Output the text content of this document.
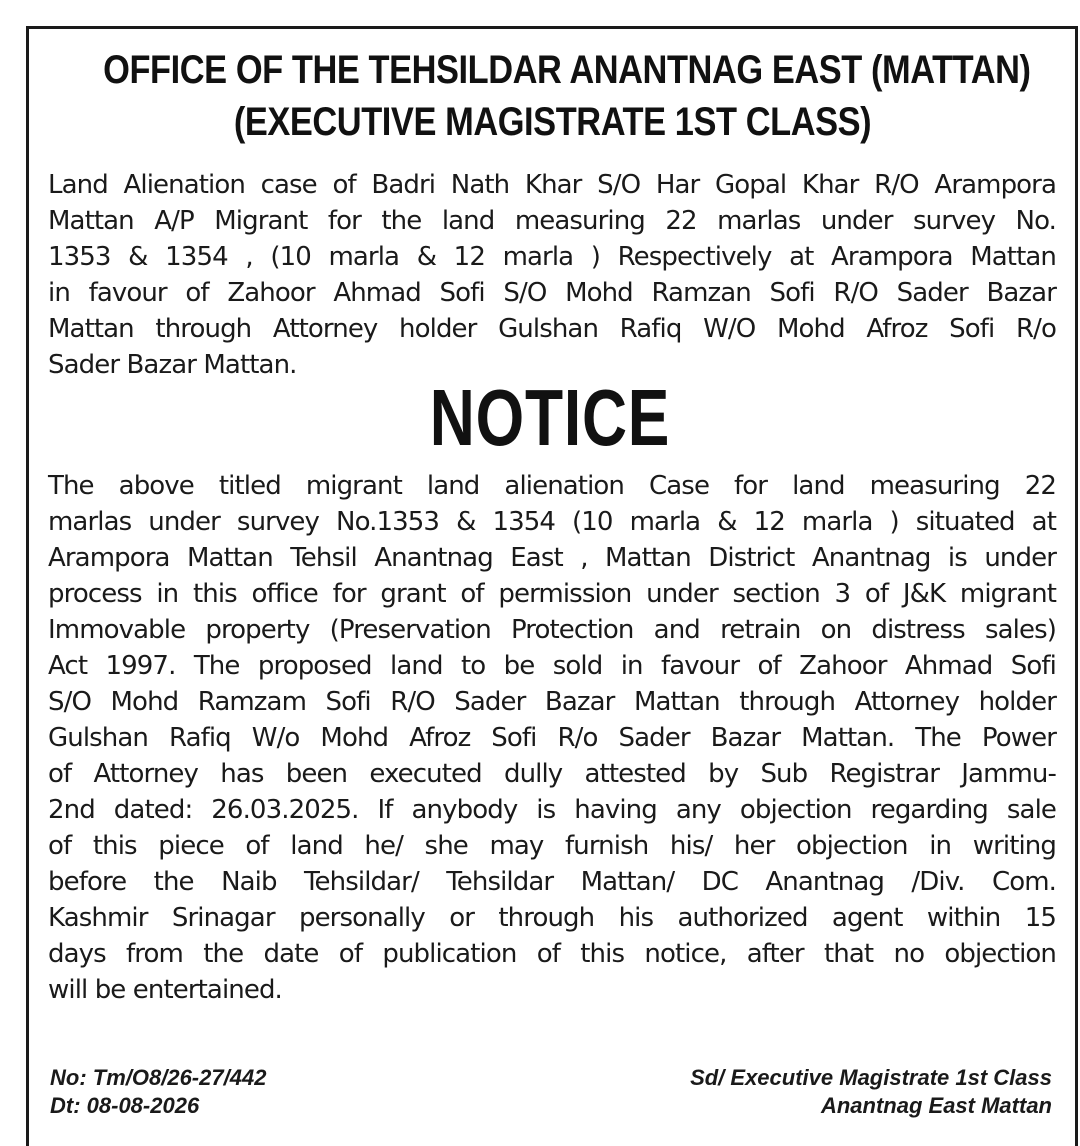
OFFICE OF THE TEHSILDAR ANANTNAG EAST (MATTAN)
(EXECUTIVE MAGISTRATE 1ST CLASS)
Land Alienation case of Badri Nath Khar S/O Har Gopal Khar R/O Arampora
Mattan A/P Migrant for the land measuring 22 marlas under survey No.
1353 & 1354 , (10 marla & 12 marla ) Respectively at Arampora Mattan
in favour of Zahoor Ahmad Sofi S/O Mohd Ramzan Sofi R/O Sader Bazar
Mattan through Attorney holder Gulshan Rafiq W/O Mohd Afroz Sofi R/o
Sader Bazar Mattan.
NOTICE
The above titled migrant land alienation Case for land measuring 22
marlas under survey No.1353 & 1354 (10 marla & 12 marla ) situated at
Arampora Mattan Tehsil Anantnag East , Mattan District Anantnag is under
process in this office for grant of permission under section 3 of J&K migrant
Immovable property (Preservation Protection and retrain on distress sales)
Act 1997. The proposed land to be sold in favour of Zahoor Ahmad Sofi
S/O Mohd Ramzam Sofi R/O Sader Bazar Mattan through Attorney holder
Gulshan Rafiq W/o Mohd Afroz Sofi R/o Sader Bazar Mattan. The Power
of Attorney has been executed dully attested by Sub Registrar Jammu-
2nd dated: 26.03.2025. If anybody is having any objection regarding sale
of this piece of land he/ she may furnish his/ her objection in writing
before the Naib Tehsildar/ Tehsildar Mattan/ DC Anantnag /Div. Com.
Kashmir Srinagar personally or through his authorized agent within 15
days from the date of publication of this notice, after that no objection
will be entertained.
No: Tm/O8/26-27/442
Dt: 08-08-2026
Sd/ Executive Magistrate 1st Class
Anantnag East Mattan
